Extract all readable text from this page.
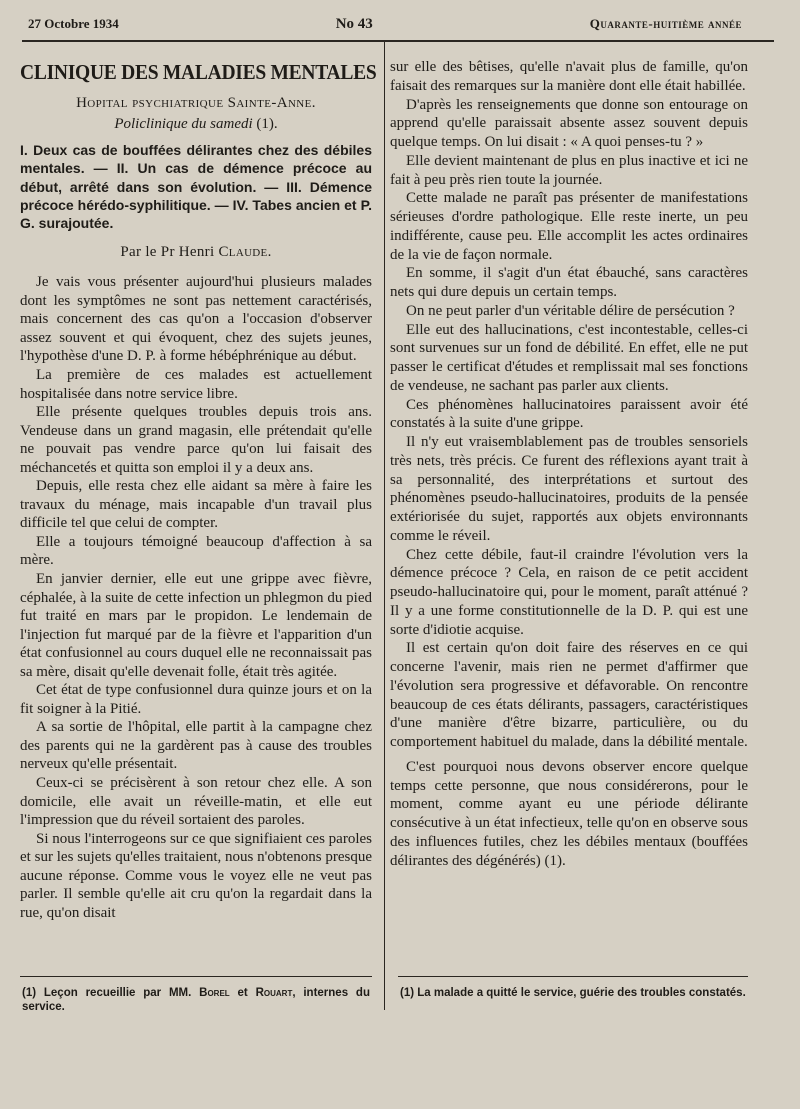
27 Octobre 1934	No 43	Quarante-huitième année
CLINIQUE DES MALADIES MENTALES
Hopital psychiatrique Sainte-Anne.
Policlinique du samedi (1).
I. Deux cas de bouffées délirantes chez des débiles mentales. — II. Un cas de démence précoce au début, arrêté dans son évolution. — III. Démence précoce hérédo-syphilitique. — IV. Tabes ancien et P. G. surajoutée.
Par le Pr Henri Claude.

Je vais vous présenter aujourd'hui plusieurs malades dont les symptômes ne sont pas nettement caractérisés, mais concernent des cas qu'on a l'occasion d'observer assez souvent et qui évoquent, chez des sujets jeunes, l'hypothèse d'une D. P. à forme hébéphrénique au début.

La première de ces malades est actuellement hospitalisée dans notre service libre.

Elle présente quelques troubles depuis trois ans. Vendeuse dans un grand magasin, elle prétendait qu'elle ne pouvait pas vendre parce qu'on lui faisait des méchancetés et quitta son emploi il y a deux ans.

Depuis, elle resta chez elle aidant sa mère à faire les travaux du ménage, mais incapable d'un travail plus difficile tel que celui de compter.

Elle a toujours témoigné beaucoup d'affection à sa mère.

En janvier dernier, elle eut une grippe avec fièvre, céphalée, à la suite de cette infection un phlegmon du pied fut traité en mars par le propidon. Le lendemain de l'injection fut marqué par de la fièvre et l'apparition d'un état confusionnel au cours duquel elle ne reconnaissait pas sa mère, disait qu'elle devenait folle, était très agitée.

Cet état de type confusionnel dura quinze jours et on la fit soigner à la Pitié.

A sa sortie de l'hôpital, elle partit à la campagne chez des parents qui ne la gardèrent pas à cause des troubles nerveux qu'elle présentait.

Ceux-ci se précisèrent à son retour chez elle. A son domicile, elle avait un réveille-matin, et elle eut l'impression que du réveil sortaient des paroles.

Si nous l'interrogeons sur ce que signifiaient ces paroles et sur les sujets qu'elles traitaient, nous n'obtenons presque aucune réponse. Comme vous le voyez elle ne veut pas parler. Il semble qu'elle ait cru qu'on la regardait dans la rue, qu'on disait

sur elle des bêtises, qu'elle n'avait plus de famille, qu'on faisait des remarques sur la manière dont elle était habillée.

D'après les renseignements que donne son entourage on apprend qu'elle paraissait absente assez souvent depuis quelque temps. On lui disait : « A quoi penses-tu ? »

Elle devient maintenant de plus en plus inactive et ici ne fait à peu près rien toute la journée.

Cette malade ne paraît pas présenter de manifestations sérieuses d'ordre pathologique. Elle reste inerte, un peu indifférente, cause peu. Elle accomplit les actes ordinaires de la vie de façon normale.

En somme, il s'agit d'un état ébauché, sans caractères nets qui dure depuis un certain temps.

On ne peut parler d'un véritable délire de persécution ?

Elle eut des hallucinations, c'est incontestable, celles-ci sont survenues sur un fond de débilité. En effet, elle ne put passer le certificat d'études et remplissait mal ses fonctions de vendeuse, ne sachant pas parler aux clients.

Ces phénomènes hallucinatoires paraissent avoir été constatés à la suite d'une grippe.

Il n'y eut vraisemblablement pas de troubles sensoriels très nets, très précis. Ce furent des réflexions ayant trait à sa personnalité, des interprétations et surtout des phénomènes pseudo-hallucinatoires, produits de la pensée extériorisée du sujet, rapportés aux objets environnants comme le réveil.

Chez cette débile, faut-il craindre l'évolution vers la démence précoce ? Cela, en raison de ce petit accident pseudo-hallucinatoire qui, pour le moment, paraît atténué ? Il y a une forme constitutionnelle de la D. P. qui est une sorte d'idiotie acquise.

Il est certain qu'on doit faire des réserves en ce qui concerne l'avenir, mais rien ne permet d'affirmer que l'évolution sera progressive et défavorable. On rencontre beaucoup de ces états délirants, passagers, caractéristiques d'une manière d'être bizarre, particulière, ou du comportement habituel du malade, dans la débilité mentale.

C'est pourquoi nous devons observer encore quelque temps cette personne, que nous considérerons, pour le moment, comme ayant eu une période délirante consécutive à un état infectieux, telle qu'on en observe sous des influences futiles, chez les débiles mentaux (bouffées délirantes des dégénérés) (1).

(1) Leçon recueillie par MM. Borel et Rouart, internes du service.
(1) La malade a quitté le service, guérie des troubles constatés.
